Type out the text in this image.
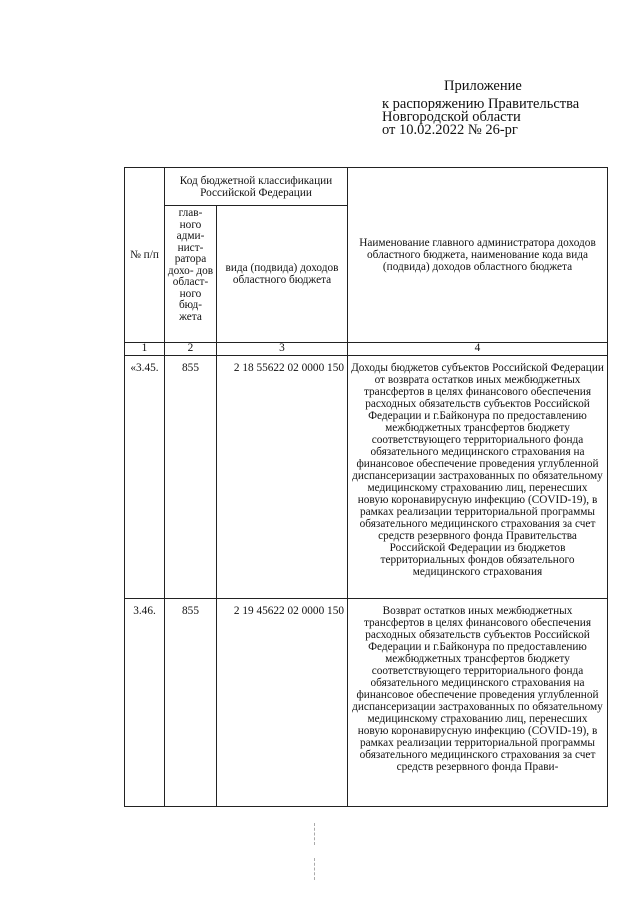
Приложение
к распоряжению Правительства
Новгородской области
от 10.02.2022 № 26-рг
№ п/п	Код бюджетной классификации Российской Федерации		Наименование главного администратора доходов областного бюджета, наименование кода вида (подвида) доходов областного бюджета
	глав- ного адми- нист- ратора дохо- дов област- ного бюд- жета	вида (подвида) доходов областного бюджета	
1	2	3	4
«3.45.	855	2 18 55622 02 0000 150	Доходы бюджетов субъектов Российской Федерации от возврата остатков иных межбюджетных трансфертов в целях финансового обеспечения расходных обязательств субъектов Российской Федерации и г.Байконура по предоставлению межбюджетных трансфертов бюджету соответствующего территориального фонда обязательного медицинского страхования на финансовое обеспечение проведения углубленной диспансеризации застрахованных по обязательному медицинскому страхованию лиц, перенесших новую коронавирусную инфекцию (COVID-19), в рамках реализации территориальной программы обязательного медицинского страхования за счет средств резервного фонда Правительства Российской Федерации из бюджетов территориальных фондов обязательного медицинского страхования
3.46.	855	2 19 45622 02 0000 150	Возврат остатков иных межбюджетных трансфертов в целях финансового обеспечения расходных обязательств субъектов Российской Федерации и г.Байконура по предоставлению межбюджетных трансфертов бюджету соответствующего территориального фонда обязательного медицинского страхования на финансовое обеспечение проведения углубленной диспансеризации застрахованных по обязательному медицинскому страхованию лиц, перенесших новую коронавирусную инфекцию (COVID-19), в рамках реализации территориальной программы обязательного медицинского страхования за счет средств резервного фонда Прави-
